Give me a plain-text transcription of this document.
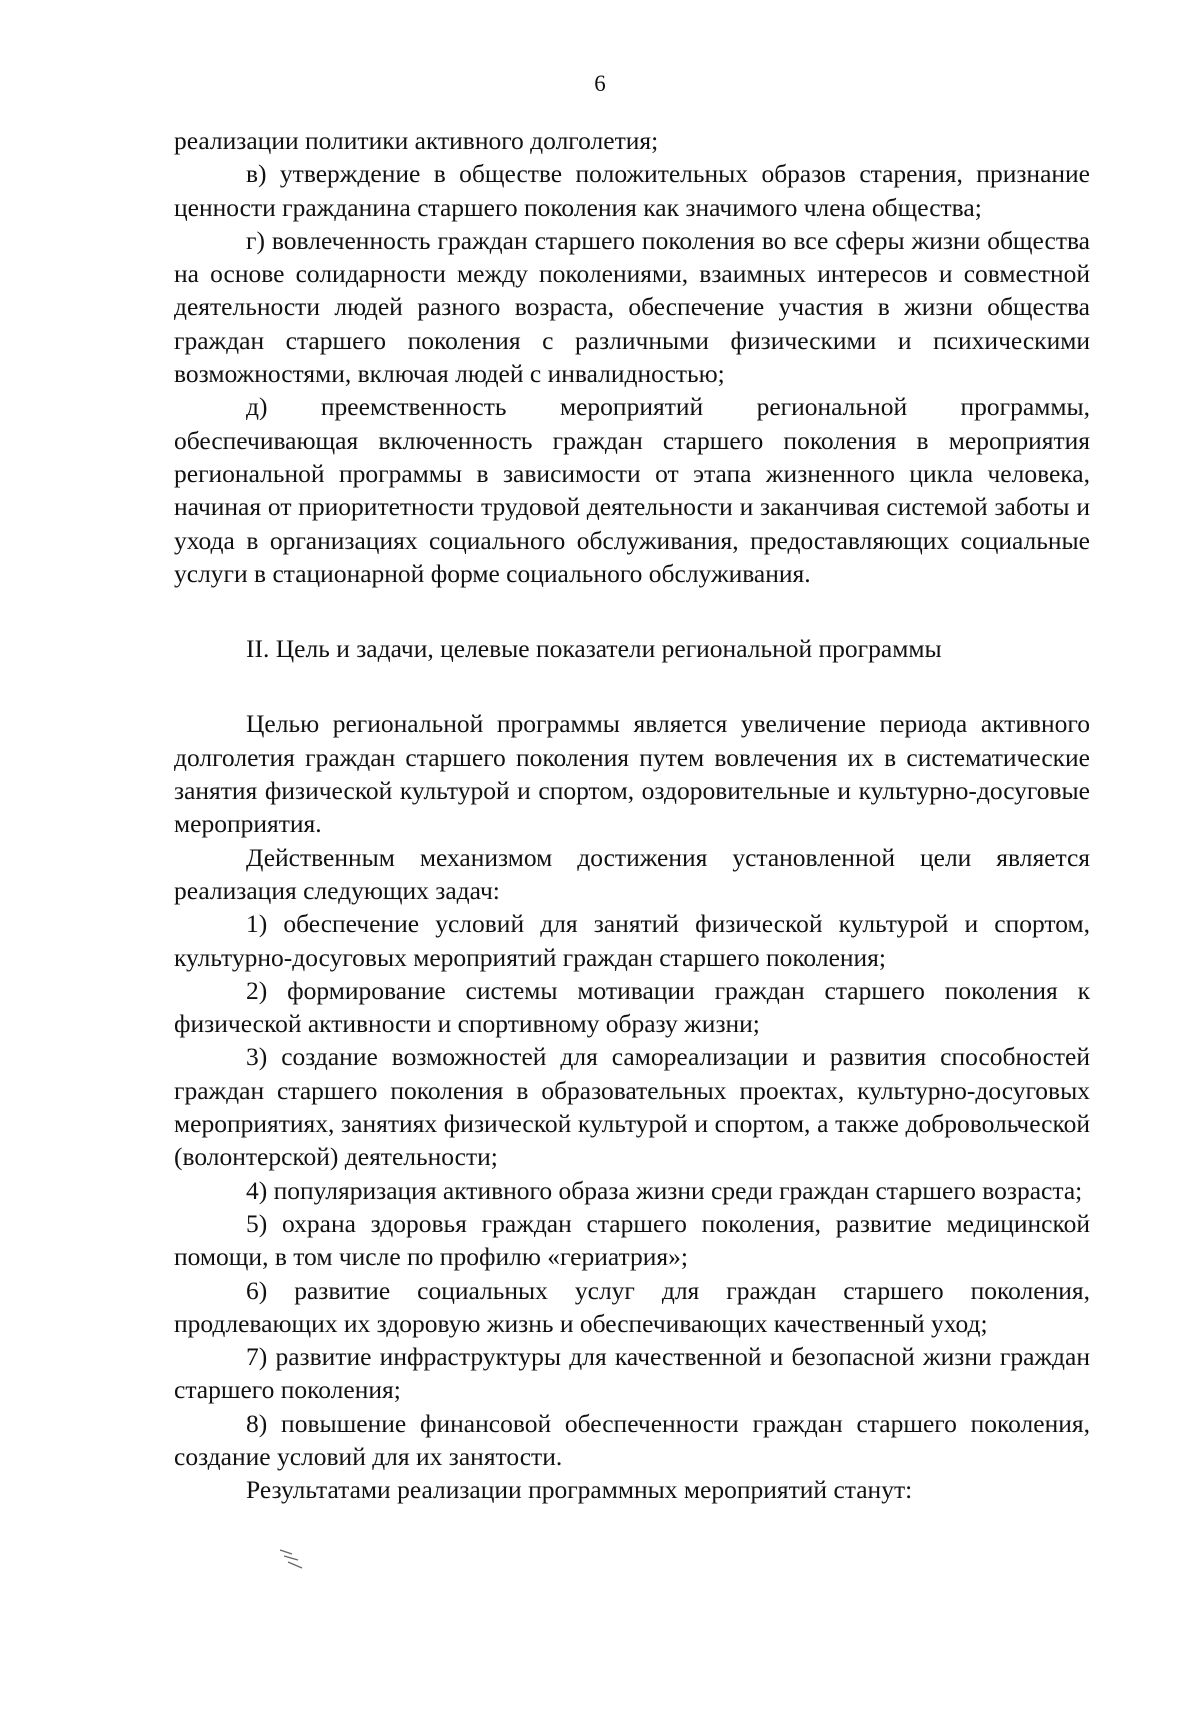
6

реализации политики активного долголетия;

в) утверждение в обществе положительных образов старения, признание ценности гражданина старшего поколения как значимого члена общества;

г) вовлеченность граждан старшего поколения во все сферы жизни общества на основе солидарности между поколениями, взаимных интересов и совместной деятельности людей разного возраста, обеспечение участия в жизни общества граждан старшего поколения с различными физическими и психическими возможностями, включая людей с инвалидностью;

д) преемственность мероприятий региональной программы, обеспечивающая включенность граждан старшего поколения в мероприятия региональной программы в зависимости от этапа жизненного цикла человека, начиная от приоритетности трудовой деятельности и заканчивая системой заботы и ухода в организациях социального обслуживания, предоставляющих социальные услуги в стационарной форме социального обслуживания.

II. Цель и задачи, целевые показатели региональной программы

Целью региональной программы является увеличение периода активного долголетия граждан старшего поколения путем вовлечения их в систематические занятия физической культурой и спортом, оздоровительные и культурно-досуговые мероприятия.

Действенным механизмом достижения установленной цели является реализация следующих задач:

1) обеспечение условий для занятий физической культурой и спортом, культурно-досуговых мероприятий граждан старшего поколения;

2) формирование системы мотивации граждан старшего поколения к физической активности и спортивному образу жизни;

3) создание возможностей для самореализации и развития способностей граждан старшего поколения в образовательных проектах, культурно-досуговых мероприятиях, занятиях физической культурой и спортом, а также добровольческой (волонтерской) деятельности;

4) популяризация активного образа жизни среди граждан старшего возраста;

5) охрана здоровья граждан старшего поколения, развитие медицинской помощи, в том числе по профилю «гериатрия»;

6) развитие социальных услуг для граждан старшего поколения, продлевающих их здоровую жизнь и обеспечивающих качественный уход;

7) развитие инфраструктуры для качественной и безопасной жизни граждан старшего поколения;

8) повышение финансовой обеспеченности граждан старшего поколения, создание условий для их занятости.

Результатами реализации программных мероприятий станут:
